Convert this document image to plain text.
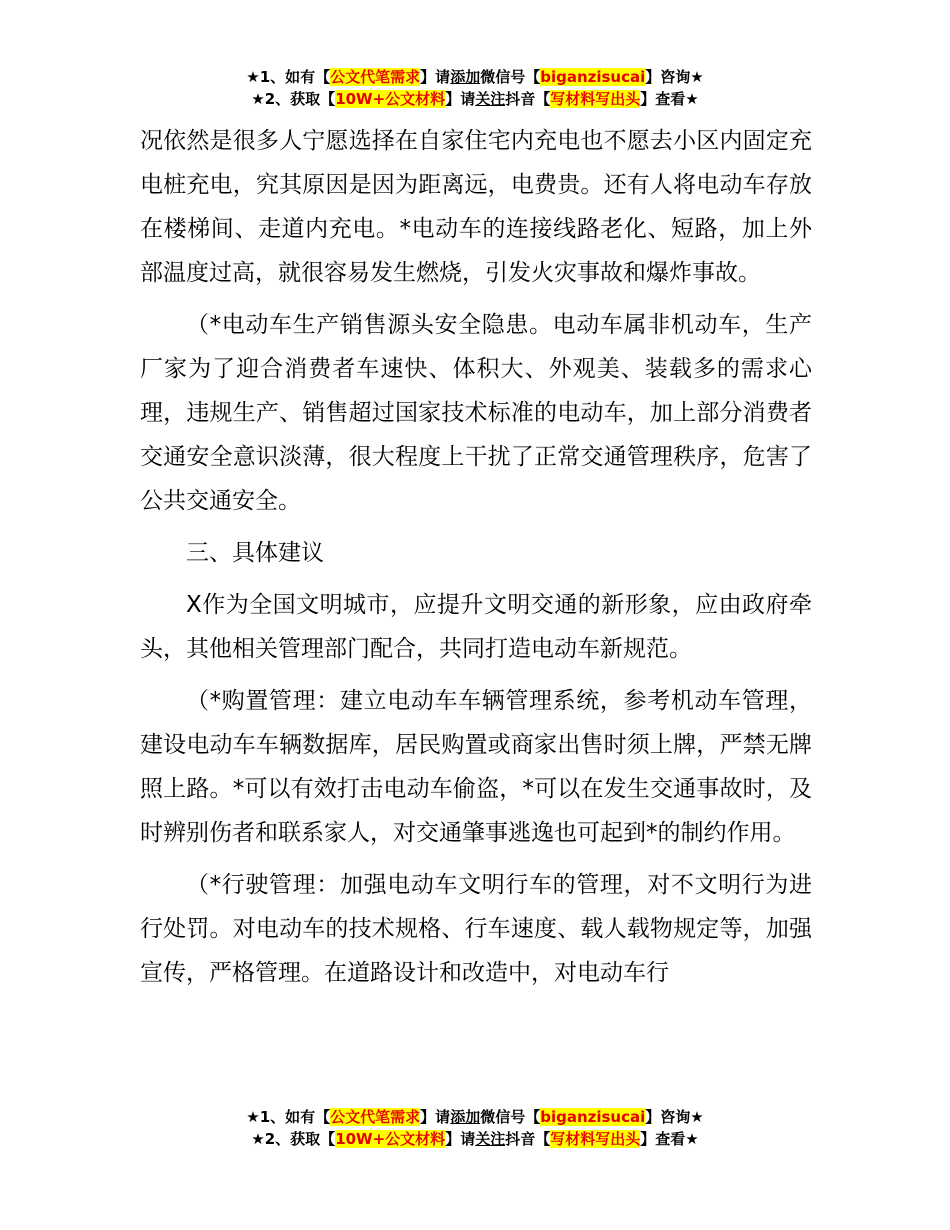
★1、如有【公文代笔需求】请添加微信号【biganzisucai】咨询★
★2、获取【10W+公文材料】请关注抖音【写材料写出头】查看★

况依然是很多人宁愿选择在自家住宅内充电也不愿去小区内固定充电桩充电，究其原因是因为距离远，电费贵。还有人将电动车存放在楼梯间、走道内充电。*电动车的连接线路老化、短路，加上外部温度过高，就很容易发生燃烧，引发火灾事故和爆炸事故。

（*电动车生产销售源头安全隐患。电动车属非机动车，生产厂家为了迎合消费者车速快、体积大、外观美、装载多的需求心理，违规生产、销售超过国家技术标准的电动车，加上部分消费者交通安全意识淡薄，很大程度上干扰了正常交通管理秩序，危害了公共交通安全。

三、具体建议

X作为全国文明城市，应提升文明交通的新形象，应由政府牵头，其他相关管理部门配合，共同打造电动车新规范。

（*购置管理：建立电动车车辆管理系统，参考机动车管理，建设电动车车辆数据库，居民购置或商家出售时须上牌，严禁无牌照上路。*可以有效打击电动车偷盗，*可以在发生交通事故时，及时辨别伤者和联系家人，对交通肇事逃逸也可起到*的制约作用。

（*行驶管理：加强电动车文明行车的管理，对不文明行为进行处罚。对电动车的技术规格、行车速度、载人载物规定等，加强宣传，严格管理。在道路设计和改造中，对电动车行

★1、如有【公文代笔需求】请添加微信号【biganzisucai】咨询★
★2、获取【10W+公文材料】请关注抖音【写材料写出头】查看★
